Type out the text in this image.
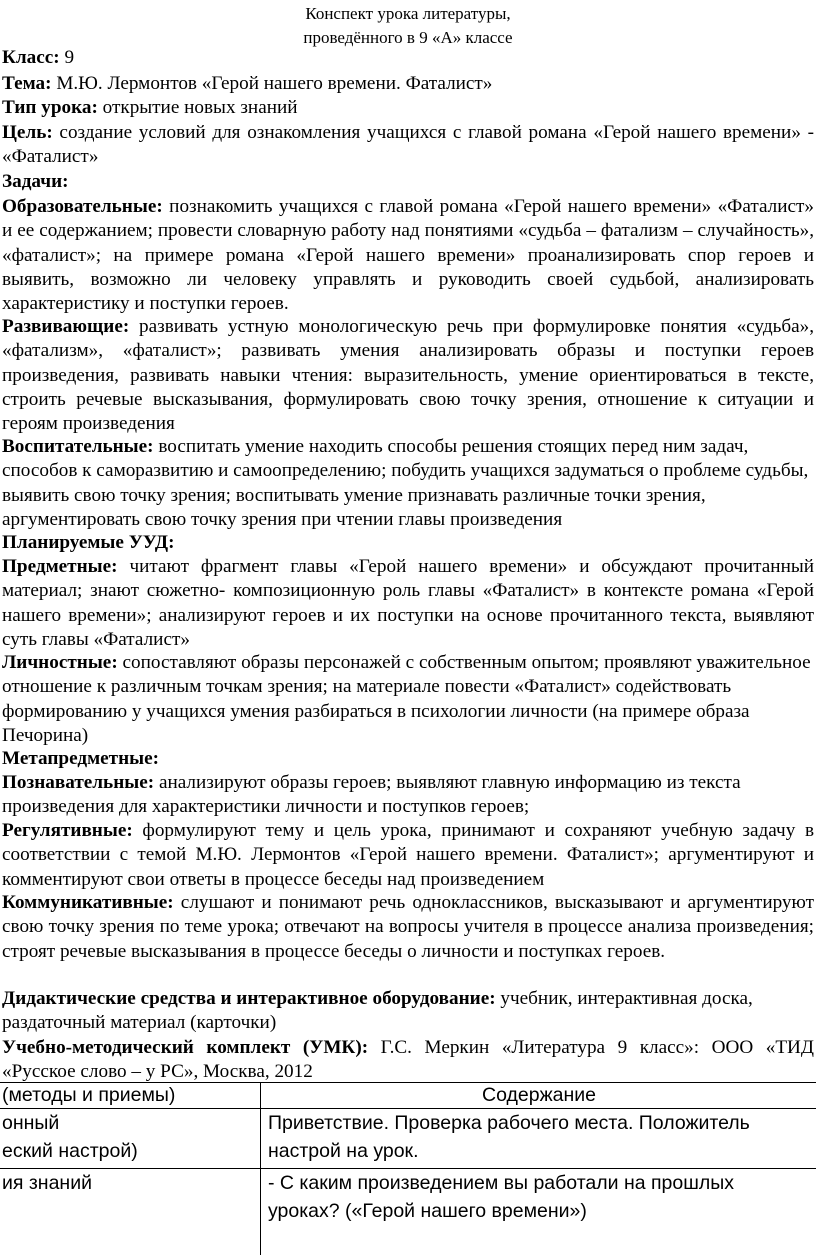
Конспект урока литературы,
проведённого в 9 «А» классе
Класс: 9
Тема: М.Ю. Лермонтов «Герой нашего времени. Фаталист»
Тип урока: открытие новых знаний
Цель: создание условий для ознакомления учащихся с главой романа «Герой нашего времени» - «Фаталист»
Задачи:
Образовательные: познакомить учащихся с главой романа «Герой нашего времени» «Фаталист» и ее содержанием; провести словарную работу над понятиями «судьба – фатализм – случайность», «фаталист»; на примере романа «Герой нашего времени» проанализировать спор героев и выявить, возможно ли человеку управлять и руководить своей судьбой, анализировать характеристику и поступки героев.
Развивающие: развивать устную монологическую речь при формулировке понятия «судьба», «фатализм», «фаталист»; развивать умения анализировать образы и поступки героев произведения, развивать навыки чтения: выразительность, умение ориентироваться в тексте, строить речевые высказывания, формулировать свою точку зрения, отношение к ситуации и героям произведения
Воспитательные: воспитать умение находить способы решения стоящих перед ним задач, способов к саморазвитию и самоопределению; побудить учащихся задуматься о проблеме судьбы, выявить свою точку зрения; воспитывать умение признавать различные точки зрения, аргументировать свою точку зрения при чтении главы произведения
Планируемые УУД:
Предметные: читают фрагмент главы «Герой нашего времени» и обсуждают прочитанный материал; знают сюжетно- композиционную роль главы «Фаталист» в контексте романа «Герой нашего времени»; анализируют героев и их поступки на основе прочитанного текста, выявляют суть главы «Фаталист»
Личностные: сопоставляют образы персонажей с собственным опытом; проявляют уважительное отношение к различным точкам зрения; на материале повести «Фаталист» содействовать формированию у учащихся умения разбираться в психологии личности (на примере образа Печорина)
Метапредметные:
Познавательные: анализируют образы героев; выявляют главную информацию из текста произведения для характеристики личности и поступков героев;
Регулятивные: формулируют тему и цель урока, принимают и сохраняют учебную задачу в соответствии с темой М.Ю. Лермонтов «Герой нашего времени. Фаталист»; аргументируют и комментируют свои ответы в процессе беседы над произведением
Коммуникативные: слушают и понимают речь одноклассников, высказывают и аргументируют свою точку зрения по теме урока; отвечают на вопросы учителя в процессе анализа произведения; строят речевые высказывания в процессе беседы о личности и поступках героев.
Дидактические средства и интерактивное оборудование: учебник, интерактивная доска, раздаточный материал (карточки)
Учебно-методический комплект (УМК): Г.С. Меркин «Литература 9 класс»: ООО «ТИД «Русское слово – у РС», Москва, 2012
(методы и приемы)	Содержание
онный
еский настрой)
Приветствие. Проверка рабочего места. Положитель
настрой на урок.
ия знаний	- С каким произведением вы работали на прошлых
уроках? («Герой нашего времени»)
